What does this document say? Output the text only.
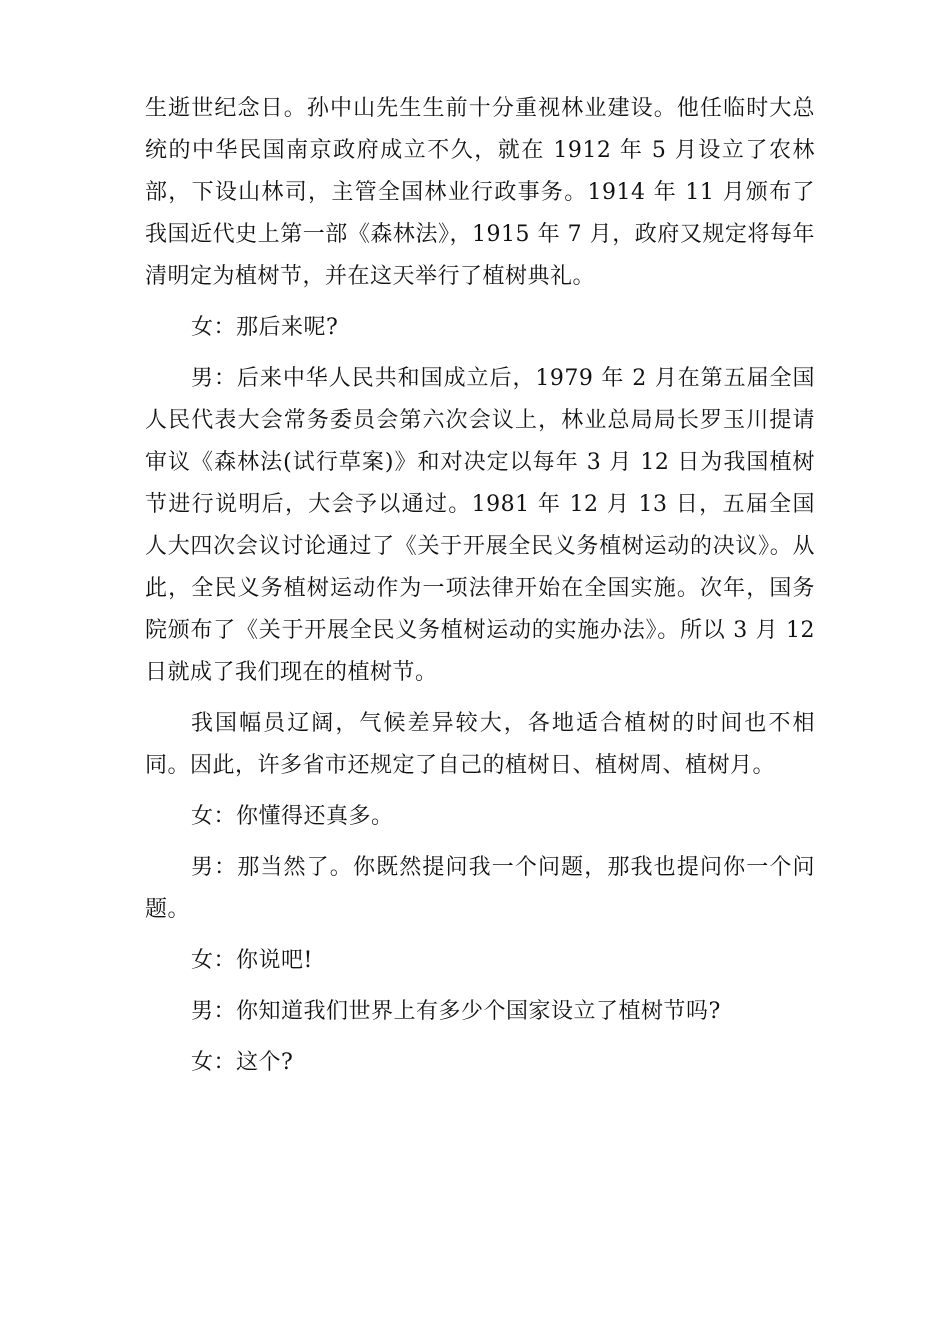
生逝世纪念日。孙中山先生生前十分重视林业建设。他任临时大总统的中华民国南京政府成立不久，就在 1912 年 5 月设立了农林部，下设山林司，主管全国林业行政事务。1914 年 11 月颁布了我国近代史上第一部《森林法》，1915 年 7 月，政府又规定将每年清明定为植树节，并在这天举行了植树典礼。

女：那后来呢?

男：后来中华人民共和国成立后，1979 年 2 月在第五届全国人民代表大会常务委员会第六次会议上，林业总局局长罗玉川提请审议《森林法(试行草案)》和对决定以每年 3 月 12 日为我国植树节进行说明后，大会予以通过。1981 年 12 月 13 日，五届全国人大四次会议讨论通过了《关于开展全民义务植树运动的决议》。从此，全民义务植树运动作为一项法律开始在全国实施。次年，国务院颁布了《关于开展全民义务植树运动的实施办法》。所以 3 月 12 日就成了我们现在的植树节。

我国幅员辽阔，气候差异较大，各地适合植树的时间也不相同。因此，许多省市还规定了自己的植树日、植树周、植树月。

女：你懂得还真多。

男：那当然了。你既然提问我一个问题，那我也提问你一个问题。

女：你说吧!

男：你知道我们世界上有多少个国家设立了植树节吗?

女：这个?
